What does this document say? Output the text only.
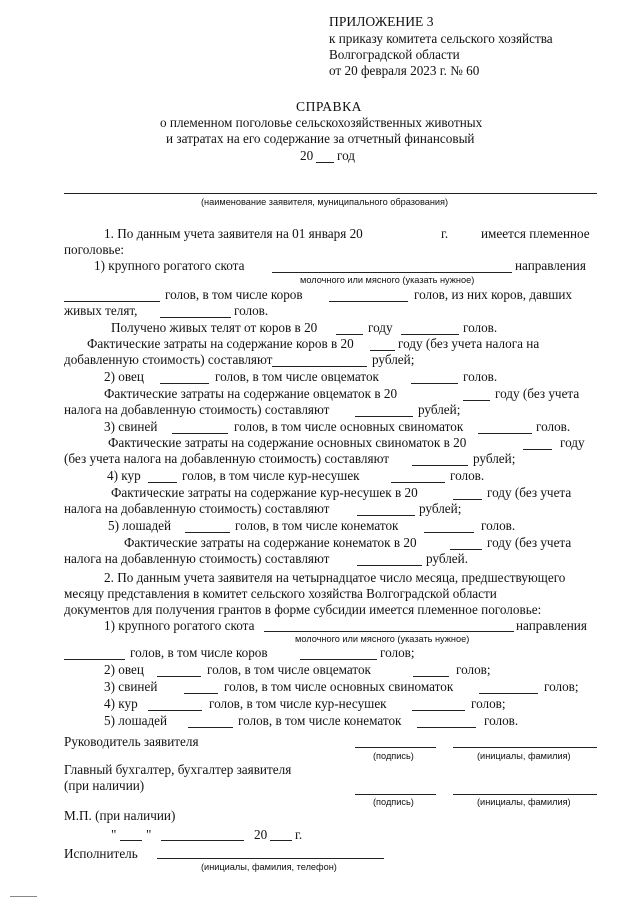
ПРИЛОЖЕНИЕ 3
к приказу комитета сельского хозяйства
Волгоградской области
от 20 февраля 2023 г. № 60
СПРАВКА
о племенном поголовье сельскохозяйственных животных
и затратах на его содержание за отчетный финансовый
20 год
(наименование заявителя, муниципального образования)
1. По данным учета заявителя на 01 января 20	г. имеется племенное
поголовье:
1) крупного рогатого скота	направления
молочного или мясного (указать нужное)
голов, в том числе коров	голов, из них коров, давших
живых телят,	голов.
Получено живых телят от коров в 20	году	голов.
Фактические затраты на содержание коров в 20	году (без учета налога на
добавленную стоимость) составляют	рублей;
2) овец	голов, в том числе овцематок	голов.
Фактические затраты на содержание овцематок в 20	году (без учета
налога на добавленную стоимость) составляют	рублей;
3) свиней	голов, в том числе основных свиноматок	голов.
Фактические затраты на содержание основных свиноматок в 20	году
(без учета налога на добавленную стоимость) составляют	рублей;
4) кур	голов, в том числе кур-несушек	голов.
Фактические затраты на содержание кур-несушек в 20	году (без учета
налога на добавленную стоимость) составляют	рублей;
5) лошадей	голов, в том числе конематок	голов.
Фактические затраты на содержание конематок в 20	году (без учета
налога на добавленную стоимость) составляют	рублей.
2. По данным учета заявителя на четырнадцатое число месяца, предшествующего
месяцу представления в комитет сельского хозяйства Волгоградской области
документов для получения грантов в форме субсидии имеется племенное поголовье:
1) крупного рогатого скота	направления
молочного или мясного (указать нужное)
голов, в том числе коров	голов;
2) овец	голов, в том числе овцематок	голов;
3) свиней	голов, в том числе основных свиноматок	голов;
4) кур	голов, в том числе кур-несушек	голов;
5) лошадей	голов, в том числе конематок	голов.
Руководитель заявителя
(подпись)	(инициалы, фамилия)
Главный бухгалтер, бухгалтер заявителя
(при наличии)
(подпись)	(инициалы, фамилия)
М.П. (при наличии)
" "	20 г.
Исполнитель
(инициалы, фамилия, телефон)
